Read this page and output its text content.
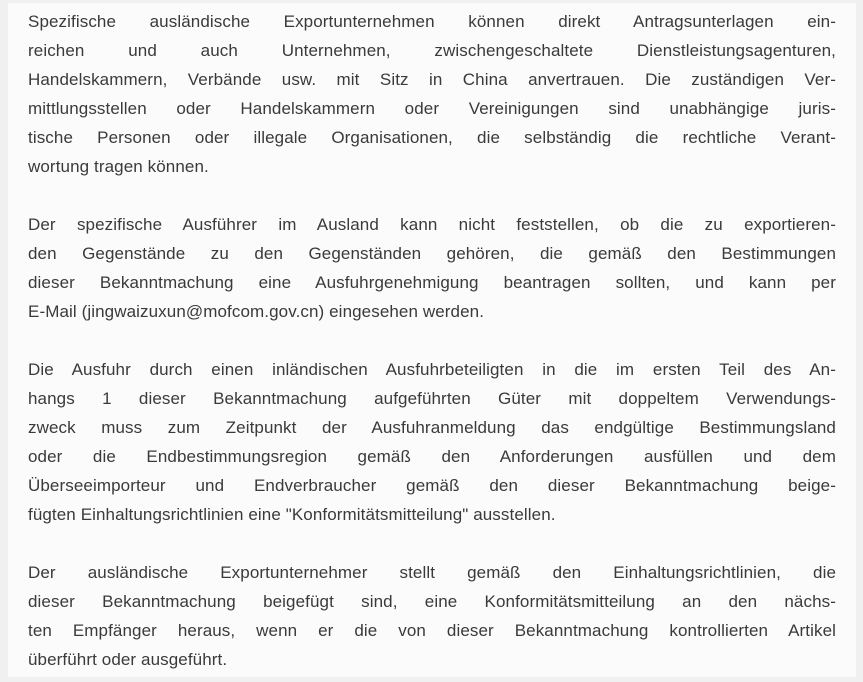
Spezifische ausländische Exportunternehmen können direkt Antragsunterlagen ein-
reichen und auch Unternehmen, zwischengeschaltete Dienstleistungsagenturen,
Handelskammern, Verbände usw. mit Sitz in China anvertrauen. Die zuständigen Ver-
mittlungsstellen oder Handelskammern oder Vereinigungen sind unabhängige juris-
tische Personen oder illegale Organisationen, die selbständig die rechtliche Verant-
wortung tragen können.

Der spezifische Ausführer im Ausland kann nicht feststellen, ob die zu exportieren-
den Gegenstände zu den Gegenständen gehören, die gemäß den Bestimmungen
dieser Bekanntmachung eine Ausfuhrgenehmigung beantragen sollten, und kann per
E-Mail (jingwaizuxun@mofcom.gov.cn) eingesehen werden.

Die Ausfuhr durch einen inländischen Ausfuhrbeteiligten in die im ersten Teil des An-
hangs 1 dieser Bekanntmachung aufgeführten Güter mit doppeltem Verwendungs-
zweck muss zum Zeitpunkt der Ausfuhranmeldung das endgültige Bestimmungsland
oder die Endbestimmungsregion gemäß den Anforderungen ausfüllen und dem
Überseeimporteur und Endverbraucher gemäß den dieser Bekanntmachung beige-
fügten Einhaltungsrichtlinien eine "Konformitätsmitteilung" ausstellen.

Der ausländische Exportunternehmer stellt gemäß den Einhaltungsrichtlinien, die
dieser Bekanntmachung beigefügt sind, eine Konformitätsmitteilung an den nächs-
ten Empfänger heraus, wenn er die von dieser Bekanntmachung kontrollierten Artikel
überführt oder ausgeführt.
